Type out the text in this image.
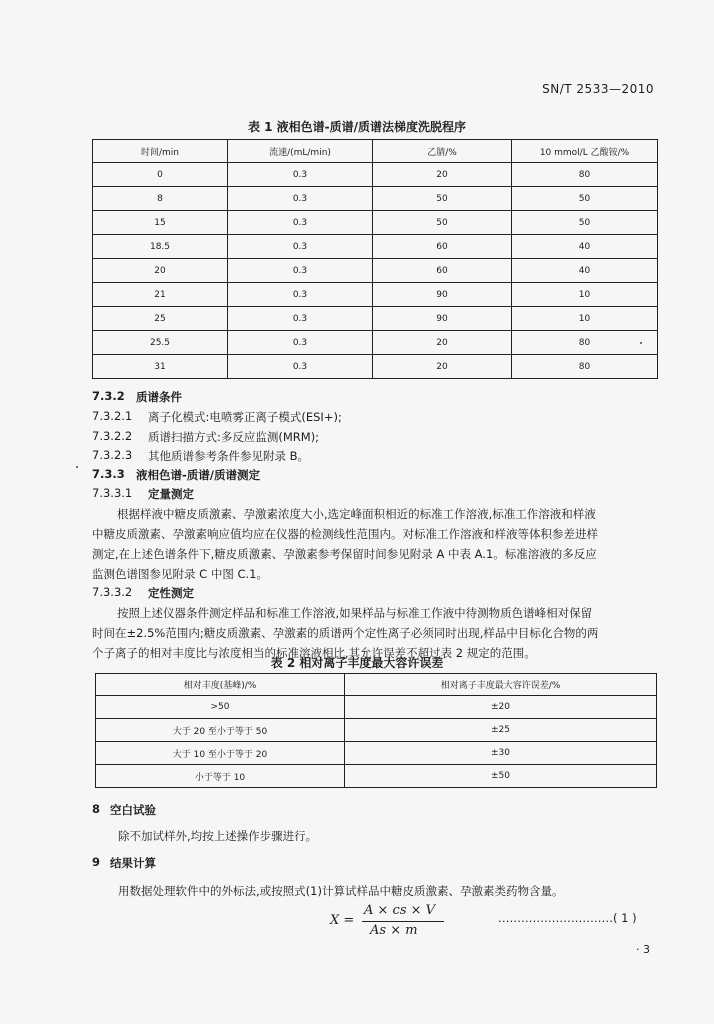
SN/T 2533—2010
表 1 液相色谱-质谱/质谱法梯度洗脱程序
时间/min	流速/(mL/min)	乙腈/%	10 mmol/L 乙酸铵/%
0	0.3	20	80
8	0.3	50	50
15	0.3	50	50
18.5	0.3	60	40
20	0.3	60	40
21	0.3	90	10
25	0.3	90	10
25.5	0.3	20	80
31	0.3	20	80
7.3.2 质谱条件
7.3.2.1 离子化模式:电喷雾正离子模式(ESI+);
7.3.2.2 质谱扫描方式:多反应监测(MRM);
7.3.2.3 其他质谱参考条件参见附录 B。
7.3.3 液相色谱-质谱/质谱测定
7.3.3.1 定量测定
根据样液中糖皮质激素、孕激素浓度大小,选定峰面积相近的标准工作溶液,标准工作溶液和样液
中糖皮质激素、孕激素响应值均应在仪器的检测线性范围内。对标准工作溶液和样液等体积参差进样
测定,在上述色谱条件下,糖皮质激素、孕激素参考保留时间参见附录 A 中表 A.1。标准溶液的多反应
监测色谱图参见附录 C 中图 C.1。
7.3.3.2 定性测定
按照上述仪器条件测定样品和标准工作溶液,如果样品与标准工作液中待测物质色谱峰相对保留
时间在±2.5%范围内;糖皮质激素、孕激素的质谱两个定性离子必须同时出现,样品中目标化合物的两
个子离子的相对丰度比与浓度相当的标准溶液相比,其允许误差不超过表 2 规定的范围。
表 2 相对离子丰度最大容许误差
相对丰度(基峰)/%	相对离子丰度最大容许误差/%
>50	±20
大于 20 至小于等于 50	±25
大于 10 至小于等于 20	±30
小于等于 10	±50
8 空白试验
除不加试样外,均按上述操作步骤进行。
9 结果计算
用数据处理软件中的外标法,或按照式(1)计算试样品中糖皮质激素、孕激素类药物含量。
X =
A × cs × V
As × m
…………………………( 1 )
· 3
